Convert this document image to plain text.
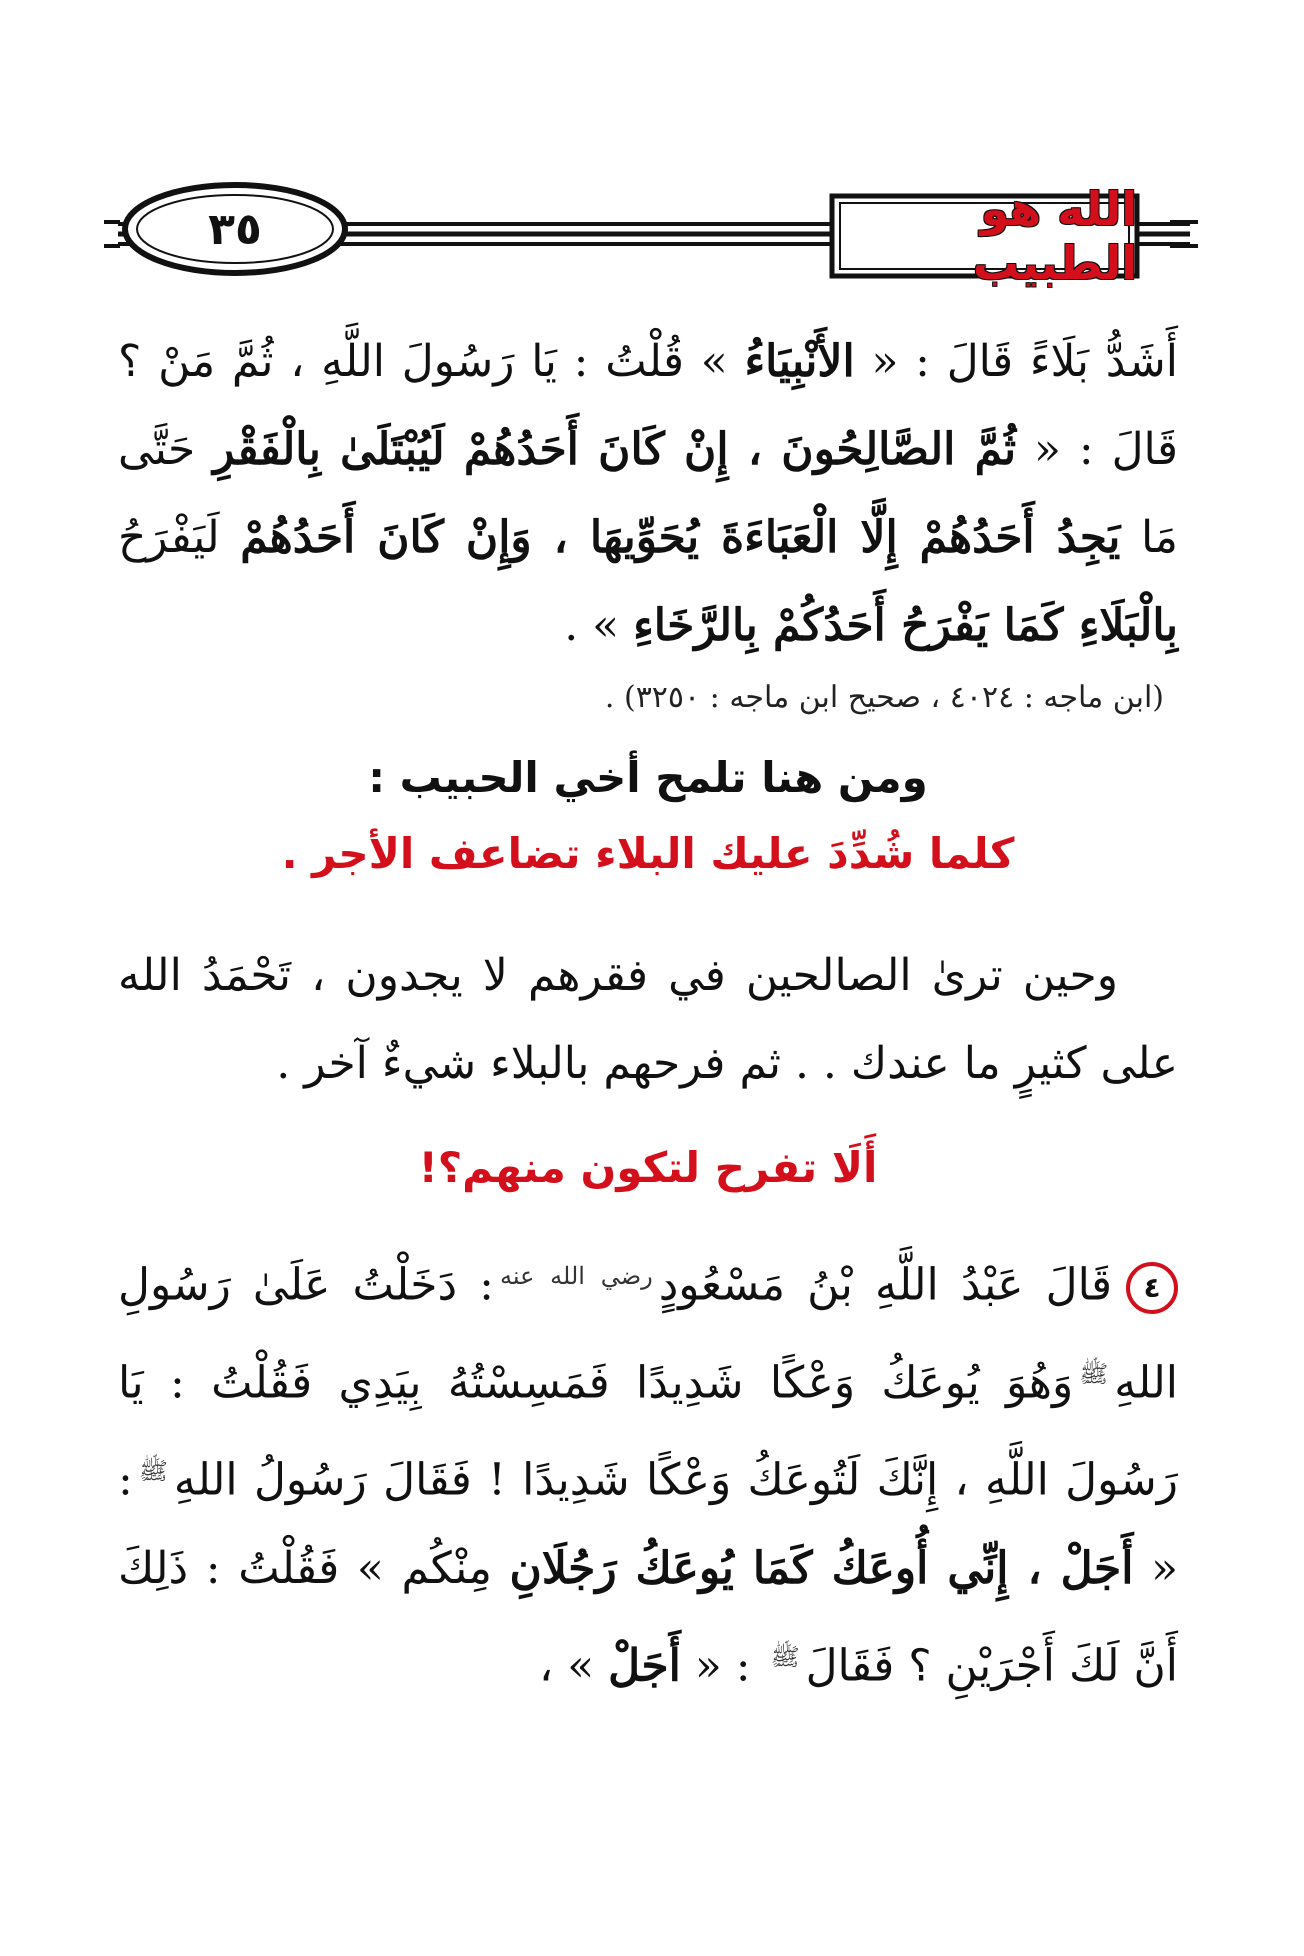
٣٥	الله هو الطبيب

أَشَدُّ بَلَاءً قَالَ : « الأَنْبِيَاءُ » قُلْتُ : يَا رَسُولَ اللَّهِ ، ثُمَّ مَنْ ؟ قَالَ : « ثُمَّ الصَّالِحُونَ ، إِنْ كَانَ أَحَدُهُمْ لَيُبْتَلَىٰ بِالْفَقْرِ حَتَّى مَا يَجِدُ أَحَدُهُمْ إِلَّا الْعَبَاءَةَ يُحَوِّيهَا ، وَإِنْ كَانَ أَحَدُهُمْ لَيَفْرَحُ بِالْبَلَاءِ كَمَا يَفْرَحُ أَحَدُكُمْ بِالرَّخَاءِ » .

(ابن ماجه : ٤٠٢٤ ، صحيح ابن ماجه : ٣٢٥٠) .

ومن هنا تلمح أخي الحبيب :

كلما شُدِّدَ عليك البلاء تضاعف الأجر .

وحين ترىٰ الصالحين في فقرهم لا يجدون ، تَحْمَدُ الله على كثيرٍ ما عندك . . ثم فرحهم بالبلاء شيءٌ آخر .

أَلَا تفرح لتكون منهم؟!

٤قَالَ عَبْدُ اللَّهِ بْنُ مَسْعُودٍ$^{رضي الله عنه}$: دَخَلْتُ عَلَىٰ رَسُولِ اللهِ$^ﷺ$وَهُوَ يُوعَكُ وَعْكًا شَدِيدًا فَمَسِسْتُهُ بِيَدِي فَقُلْتُ : يَا رَسُولَ اللَّهِ ، إِنَّكَ لَتُوعَكُ وَعْكًا شَدِيدًا ! فَقَالَ رَسُولُ اللهِ$^ﷺ$: « أَجَلْ ، إِنِّي أُوعَكُ كَمَا يُوعَكُ رَجُلَانِ مِنْكُم » فَقُلْتُ : ذَلِكَ أَنَّ لَكَ أَجْرَيْنِ ؟ فَقَالَ$^ﷺ$ : « أَجَلْ » ،
